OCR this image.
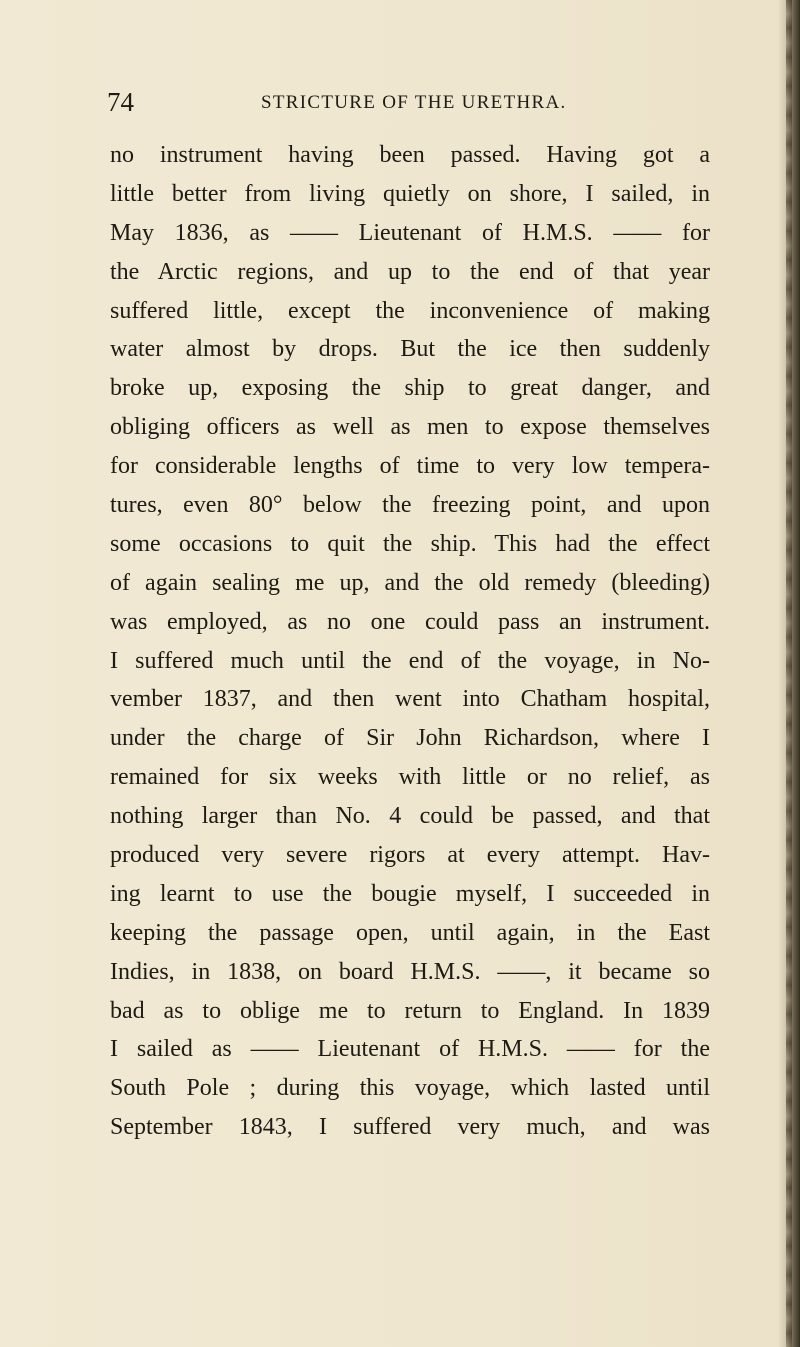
74	STRICTURE OF THE URETHRA.
no instrument having been passed. Having got a
little better from living quietly on shore, I sailed, in
May 1836, as —— Lieutenant of H.M.S. —— for
the Arctic regions, and up to the end of that year
suffered little, except the inconvenience of making
water almost by drops. But the ice then suddenly
broke up, exposing the ship to great danger, and
obliging officers as well as men to expose themselves
for considerable lengths of time to very low tempera-
tures, even 80° below the freezing point, and upon
some occasions to quit the ship. This had the effect
of again sealing me up, and the old remedy (bleeding)
was employed, as no one could pass an instrument.
I suffered much until the end of the voyage, in No-
vember 1837, and then went into Chatham hospital,
under the charge of Sir John Richardson, where I
remained for six weeks with little or no relief, as
nothing larger than No. 4 could be passed, and that
produced very severe rigors at every attempt. Hav-
ing learnt to use the bougie myself, I succeeded in
keeping the passage open, until again, in the East
Indies, in 1838, on board H.M.S. ——, it became so
bad as to oblige me to return to England. In 1839
I sailed as —— Lieutenant of H.M.S. —— for the
South Pole ; during this voyage, which lasted until
September 1843, I suffered very much, and was
